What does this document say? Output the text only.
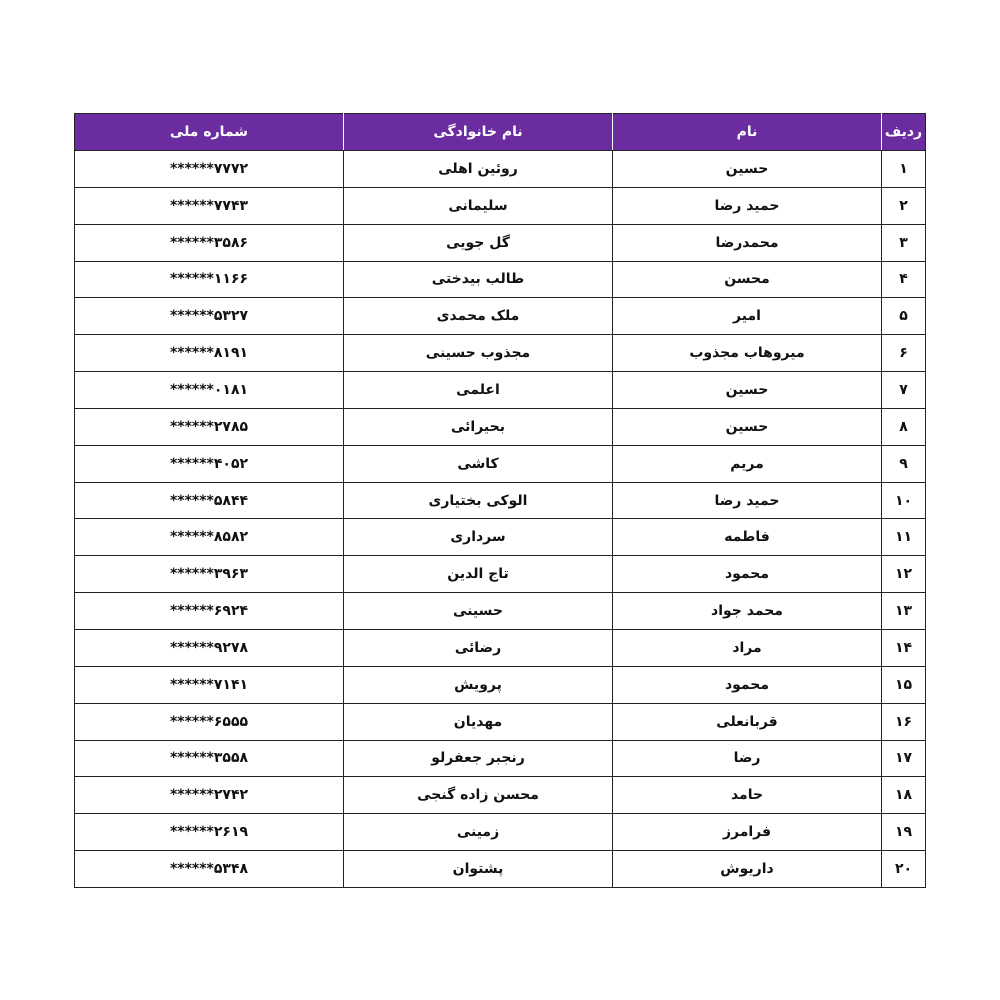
ردیف	نام	نام خانوادگی	شماره ملی
۱	حسین	روئین اهلی	******۷۷۷۲
۲	حمید رضا	سلیمانی	******۷۷۴۳
۳	محمدرضا	گل جویی	******۳۵۸۶
۴	محسن	طالب بیدختی	******۱۱۶۶
۵	امیر	ملک محمدی	******۵۳۲۷
۶	میروهاب مجذوب	مجذوب حسینی	******۸۱۹۱
۷	حسین	اعلمی	******۰۱۸۱
۸	حسین	بحیرائی	******۲۷۸۵
۹	مریم	کاشی	******۴۰۵۲
۱۰	حمید رضا	الوکی بختیاری	******۵۸۴۴
۱۱	فاطمه	سرداری	******۸۵۸۲
۱۲	محمود	تاج الدین	******۳۹۶۳
۱۳	محمد جواد	حسینی	******۶۹۲۴
۱۴	مراد	رضائی	******۹۲۷۸
۱۵	محمود	پرویش	******۷۱۴۱
۱۶	قربانعلی	مهدیان	******۶۵۵۵
۱۷	رضا	رنجبر جعفرلو	******۳۵۵۸
۱۸	حامد	محسن زاده گنجی	******۲۷۴۲
۱۹	فرامرز	زمینی	******۲۶۱۹
۲۰	داریوش	پشتوان	******۵۳۴۸
